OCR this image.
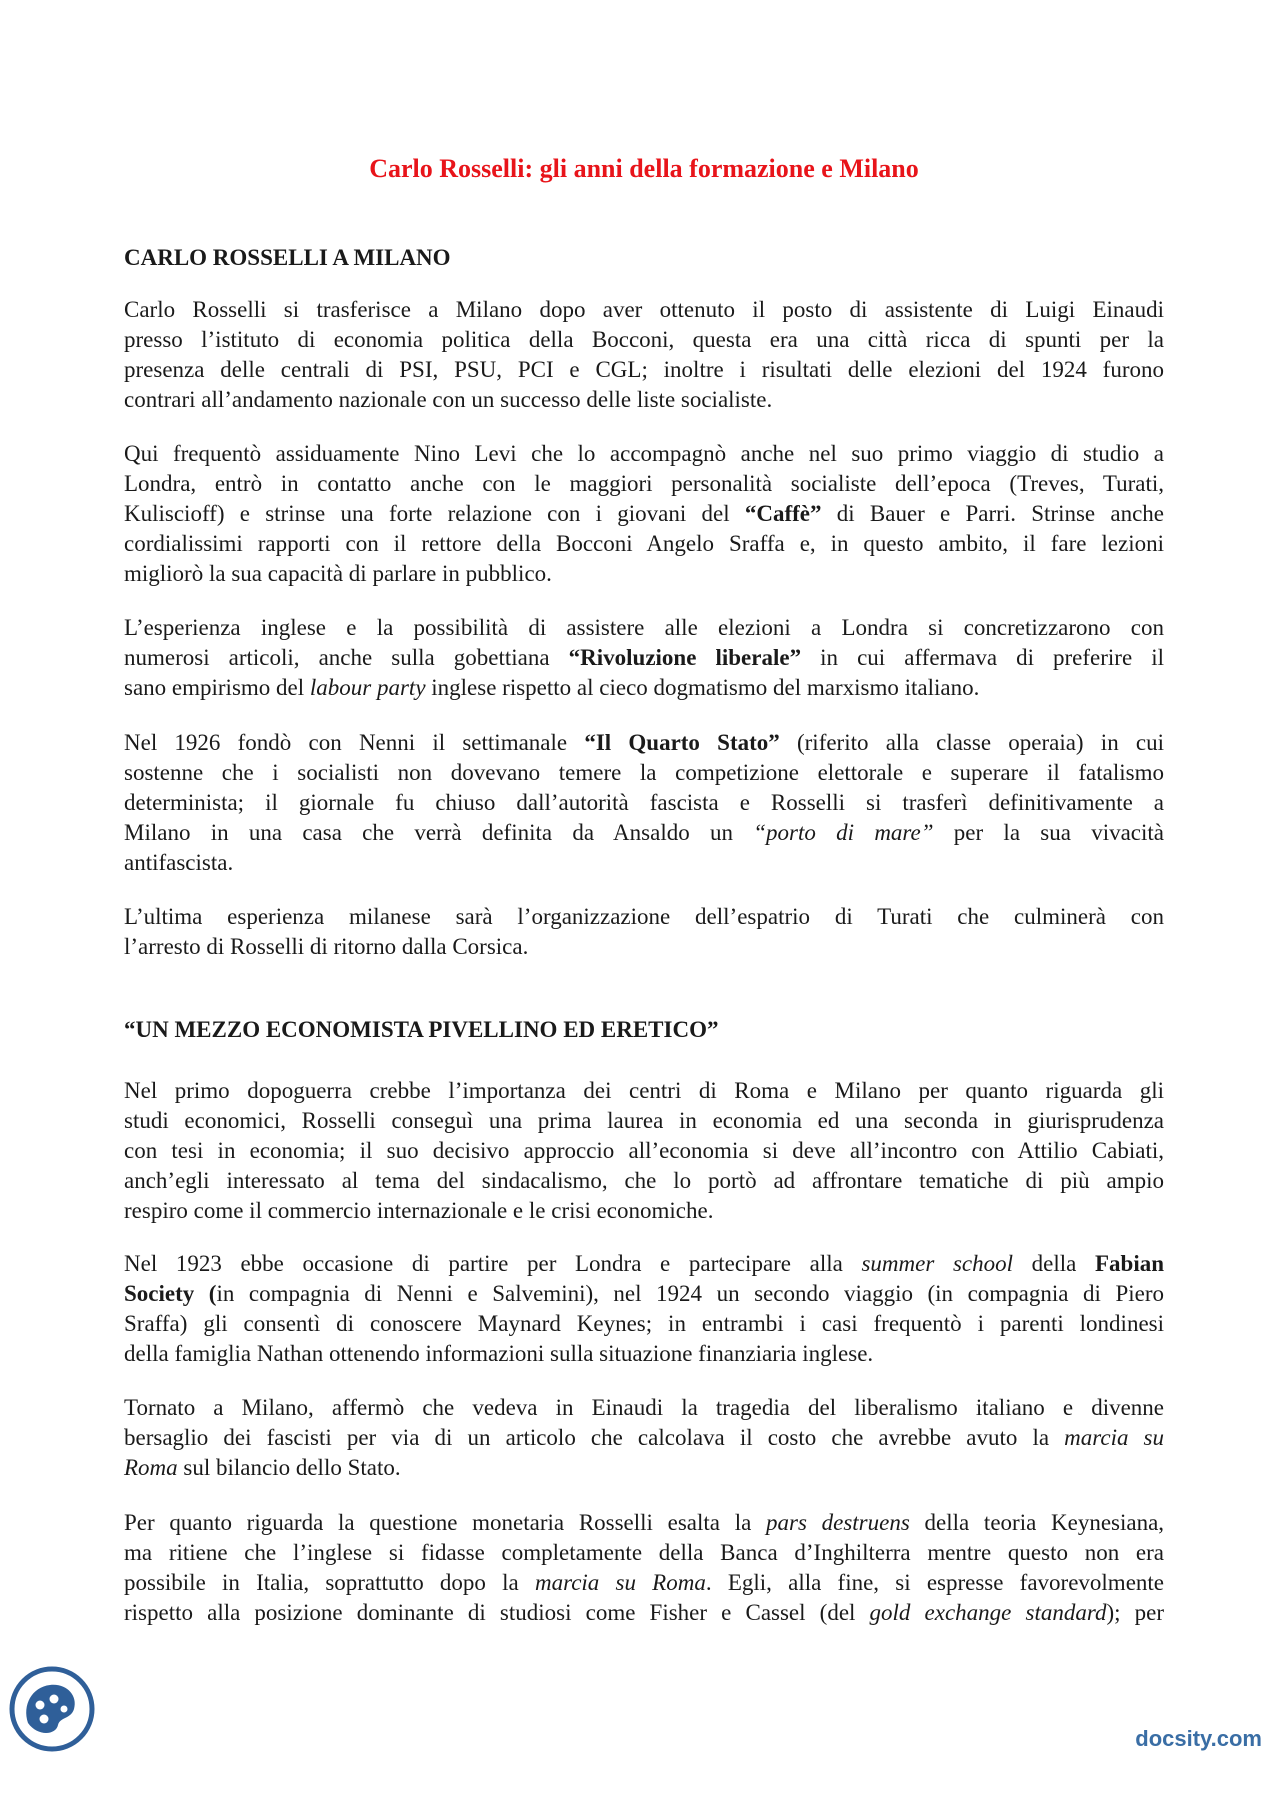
Carlo Rosselli: gli anni della formazione e Milano
CARLO ROSSELLI A MILANO
Carlo Rosselli si trasferisce a Milano dopo aver ottenuto il posto di assistente di Luigi Einaudi
presso l’istituto di economia politica della Bocconi, questa era una città ricca di spunti per la
presenza delle centrali di PSI, PSU, PCI e CGL; inoltre i risultati delle elezioni del 1924 furono
contrari all’andamento nazionale con un successo delle liste socialiste.
Qui frequentò assiduamente Nino Levi che lo accompagnò anche nel suo primo viaggio di studio a
Londra, entrò in contatto anche con le maggiori personalità socialiste dell’epoca (Treves, Turati,
Kuliscioff) e strinse una forte relazione con i giovani del “Caffè” di Bauer e Parri. Strinse anche
cordialissimi rapporti con il rettore della Bocconi Angelo Sraffa e, in questo ambito, il fare lezioni
migliorò la sua capacità di parlare in pubblico.
L’esperienza inglese e la possibilità di assistere alle elezioni a Londra si concretizzarono con
numerosi articoli, anche sulla gobettiana “Rivoluzione liberale” in cui affermava di preferire il
sano empirismo del labour party inglese rispetto al cieco dogmatismo del marxismo italiano.
Nel 1926 fondò con Nenni il settimanale “Il Quarto Stato” (riferito alla classe operaia) in cui
sostenne che i socialisti non dovevano temere la competizione elettorale e superare il fatalismo
determinista; il giornale fu chiuso dall’autorità fascista e Rosselli si trasferì definitivamente a
Milano in una casa che verrà definita da Ansaldo un “porto di mare” per la sua vivacità
antifascista.
L’ultima esperienza milanese sarà l’organizzazione dell’espatrio di Turati che culminerà con
l’arresto di Rosselli di ritorno dalla Corsica.
“UN MEZZO ECONOMISTA PIVELLINO ED ERETICO”
Nel primo dopoguerra crebbe l’importanza dei centri di Roma e Milano per quanto riguarda gli
studi economici, Rosselli conseguì una prima laurea in economia ed una seconda in giurisprudenza
con tesi in economia; il suo decisivo approccio all’economia si deve all’incontro con Attilio Cabiati,
anch’egli interessato al tema del sindacalismo, che lo portò ad affrontare tematiche di più ampio
respiro come il commercio internazionale e le crisi economiche.
Nel 1923 ebbe occasione di partire per Londra e partecipare alla summer school della Fabian
Society (in compagnia di Nenni e Salvemini), nel 1924 un secondo viaggio (in compagnia di Piero
Sraffa) gli consentì di conoscere Maynard Keynes; in entrambi i casi frequentò i parenti londinesi
della famiglia Nathan ottenendo informazioni sulla situazione finanziaria inglese.
Tornato a Milano, affermò che vedeva in Einaudi la tragedia del liberalismo italiano e divenne
bersaglio dei fascisti per via di un articolo che calcolava il costo che avrebbe avuto la marcia su
Roma sul bilancio dello Stato.
Per quanto riguarda la questione monetaria Rosselli esalta la pars destruens della teoria Keynesiana,
ma ritiene che l’inglese si fidasse completamente della Banca d’Inghilterra mentre questo non era
possibile in Italia, soprattutto dopo la marcia su Roma. Egli, alla fine, si espresse favorevolmente
rispetto alla posizione dominante di studiosi come Fisher e Cassel (del gold exchange standard); per
docsity.com
